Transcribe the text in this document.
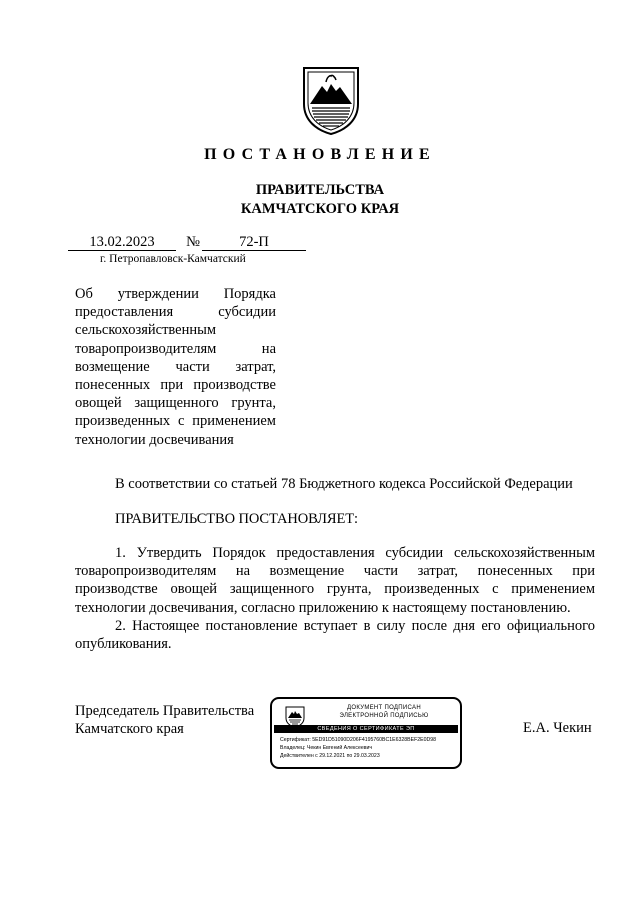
ПОСТАНОВЛЕНИЕ
ПРАВИТЕЛЬСТВА
КАМЧАТСКОГО КРАЯ
13.02.2023	№	72-П
г. Петропавловск-Камчатский
Об утверждении Порядка
предоставления субсидии
сельскохозяйственным
товаропроизводителям на
возмещение части затрат,
понесенных при производстве
овощей защищенного грунта,
произведенных с применением
технологии досвечивания
В соответствии со статьей 78 Бюджетного кодекса Российской Федерации
ПРАВИТЕЛЬСТВО ПОСТАНОВЛЯЕТ:
1. Утвердить Порядок предоставления субсидии сельскохозяйственным
товаропроизводителям на возмещение части затрат, понесенных при
производстве овощей защищенного грунта, произведенных с применением
технологии досвечивания, согласно приложению к настоящему постановлению.
2. Настоящее постановление вступает в силу после дня его официального
опубликования.
Председатель Правительства
Камчатского края
ДОКУМЕНТ ПОДПИСАН
ЭЛЕКТРОННОЙ ПОДПИСЬЮ
СВЕДЕНИЯ О СЕРТИФИКАТЕ ЭП
Сертификат: 5ED91D51090D206F4195760BC1E6328BEF2E0D98
Владелец: Чекин Евгений Алексеевич
Действителен с 29.12.2021 по 29.03.2023
Е.А. Чекин
